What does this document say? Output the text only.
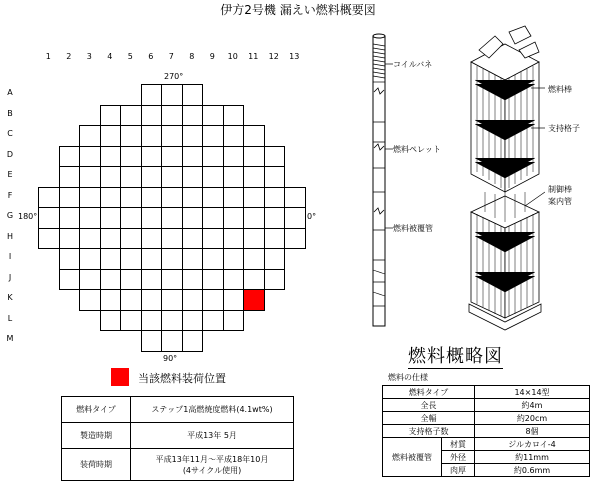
伊方2号機 漏えい燃料概要図
270°
90°
180°	0°
当該燃料装荷位置
燃料タイプ	ステップ1高燃焼度燃料(4.1wt%)
製造時期	平成13年 5月
装荷時期	平成13年11月～平成18年10月
(4サイクル使用)
コイルバネ
燃料ペレット
燃料被覆管
燃料棒
支持格子
制御棒
案内管
燃料概略図
燃料の仕様
燃料タイプ		14×14型
全長		約4m
全幅		約20cm
支持格子数		8個
燃料被覆管	材質	ジルカロイ-4
	外径	約11mm
	肉厚	約0.6mm
1	2	3	4	5	6	7	8	9	10	11	12	13
A
B
C
D
E
F
G
H
I
J
K
L
M
